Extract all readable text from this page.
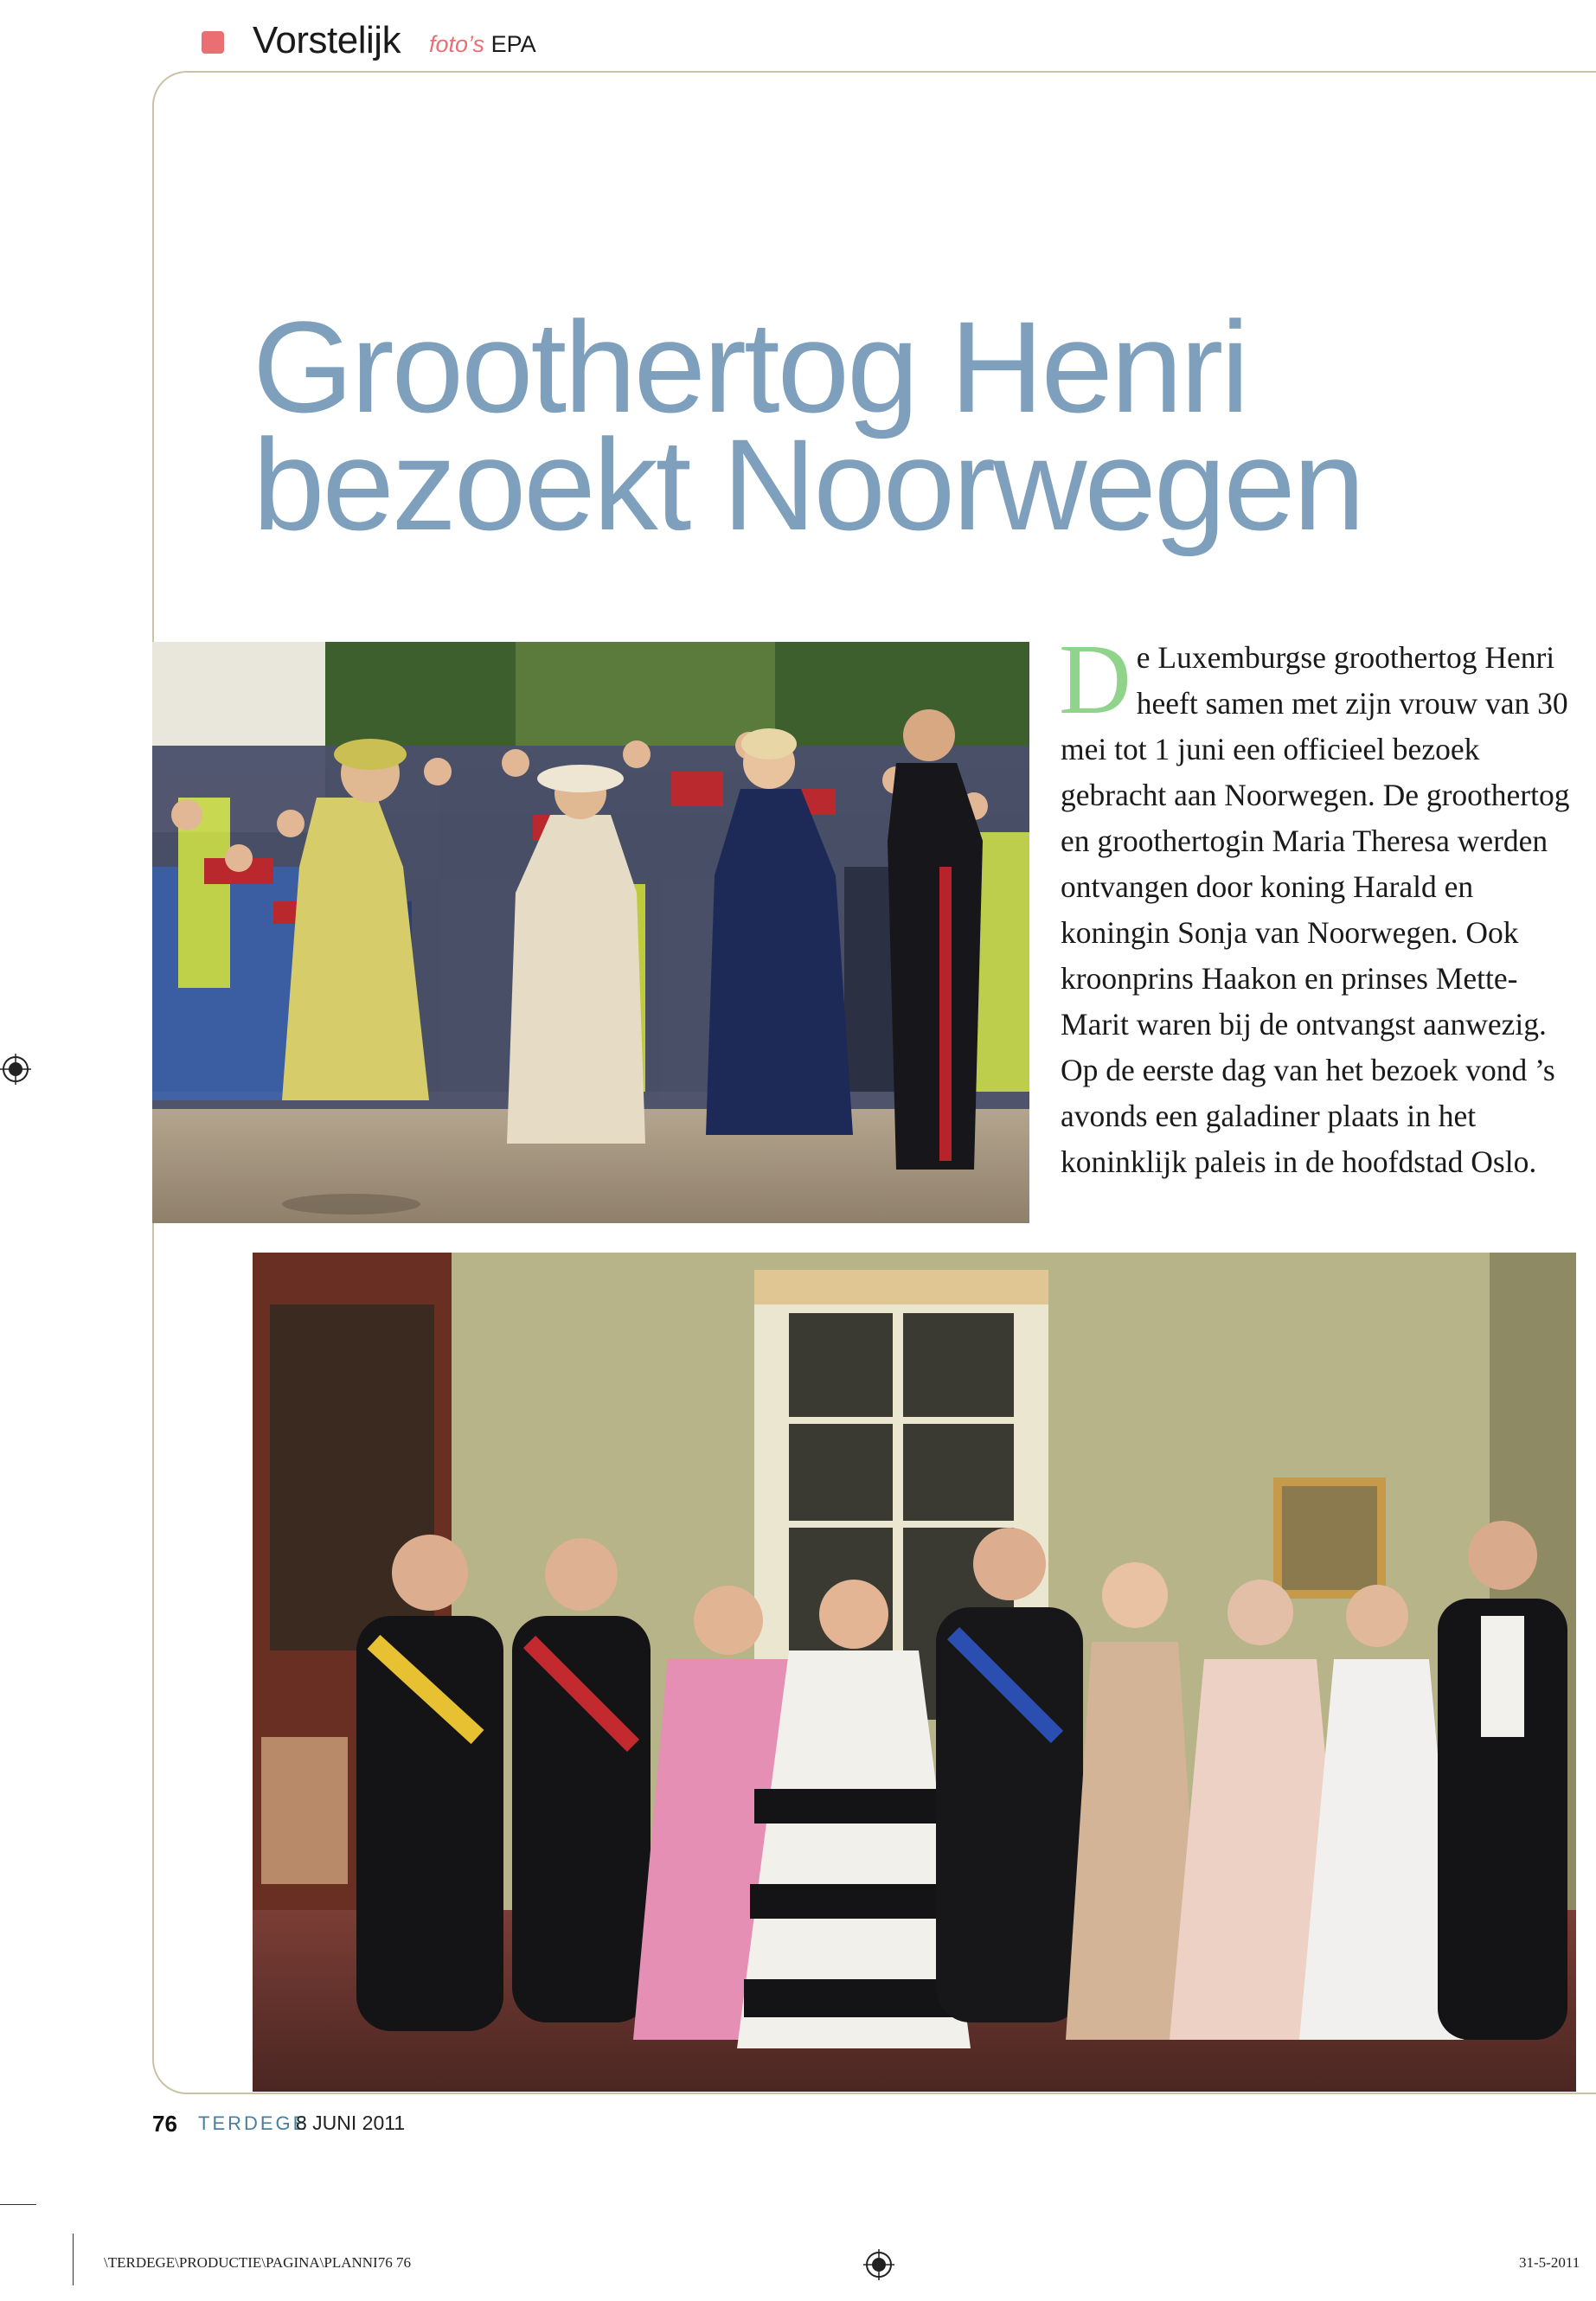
Vorstelijk foto’s EPA
Groothertog Henri
bezoekt Noorwegen
D e Luxemburgse groothertog Henri heeft samen met zijn vrouw van 30 mei tot 1 juni een officieel bezoek gebracht aan Noorwegen. De groothertog en groothertogin Maria Theresa werden ontvangen door koning Harald en koningin Sonja van Noorwegen. Ook kroonprins Haakon en prinses Mette-Marit waren bij de ontvangst aanwezig. Op de eerste dag van het bezoek vond ’s avonds een galadiner plaats in het koninklijk paleis in de hoofdstad Oslo.
76 TERDEGE
8 JUNI 2011
\TERDEGE\PRODUCTIE\PAGINA\PLANNI76 76	31-5-2011
